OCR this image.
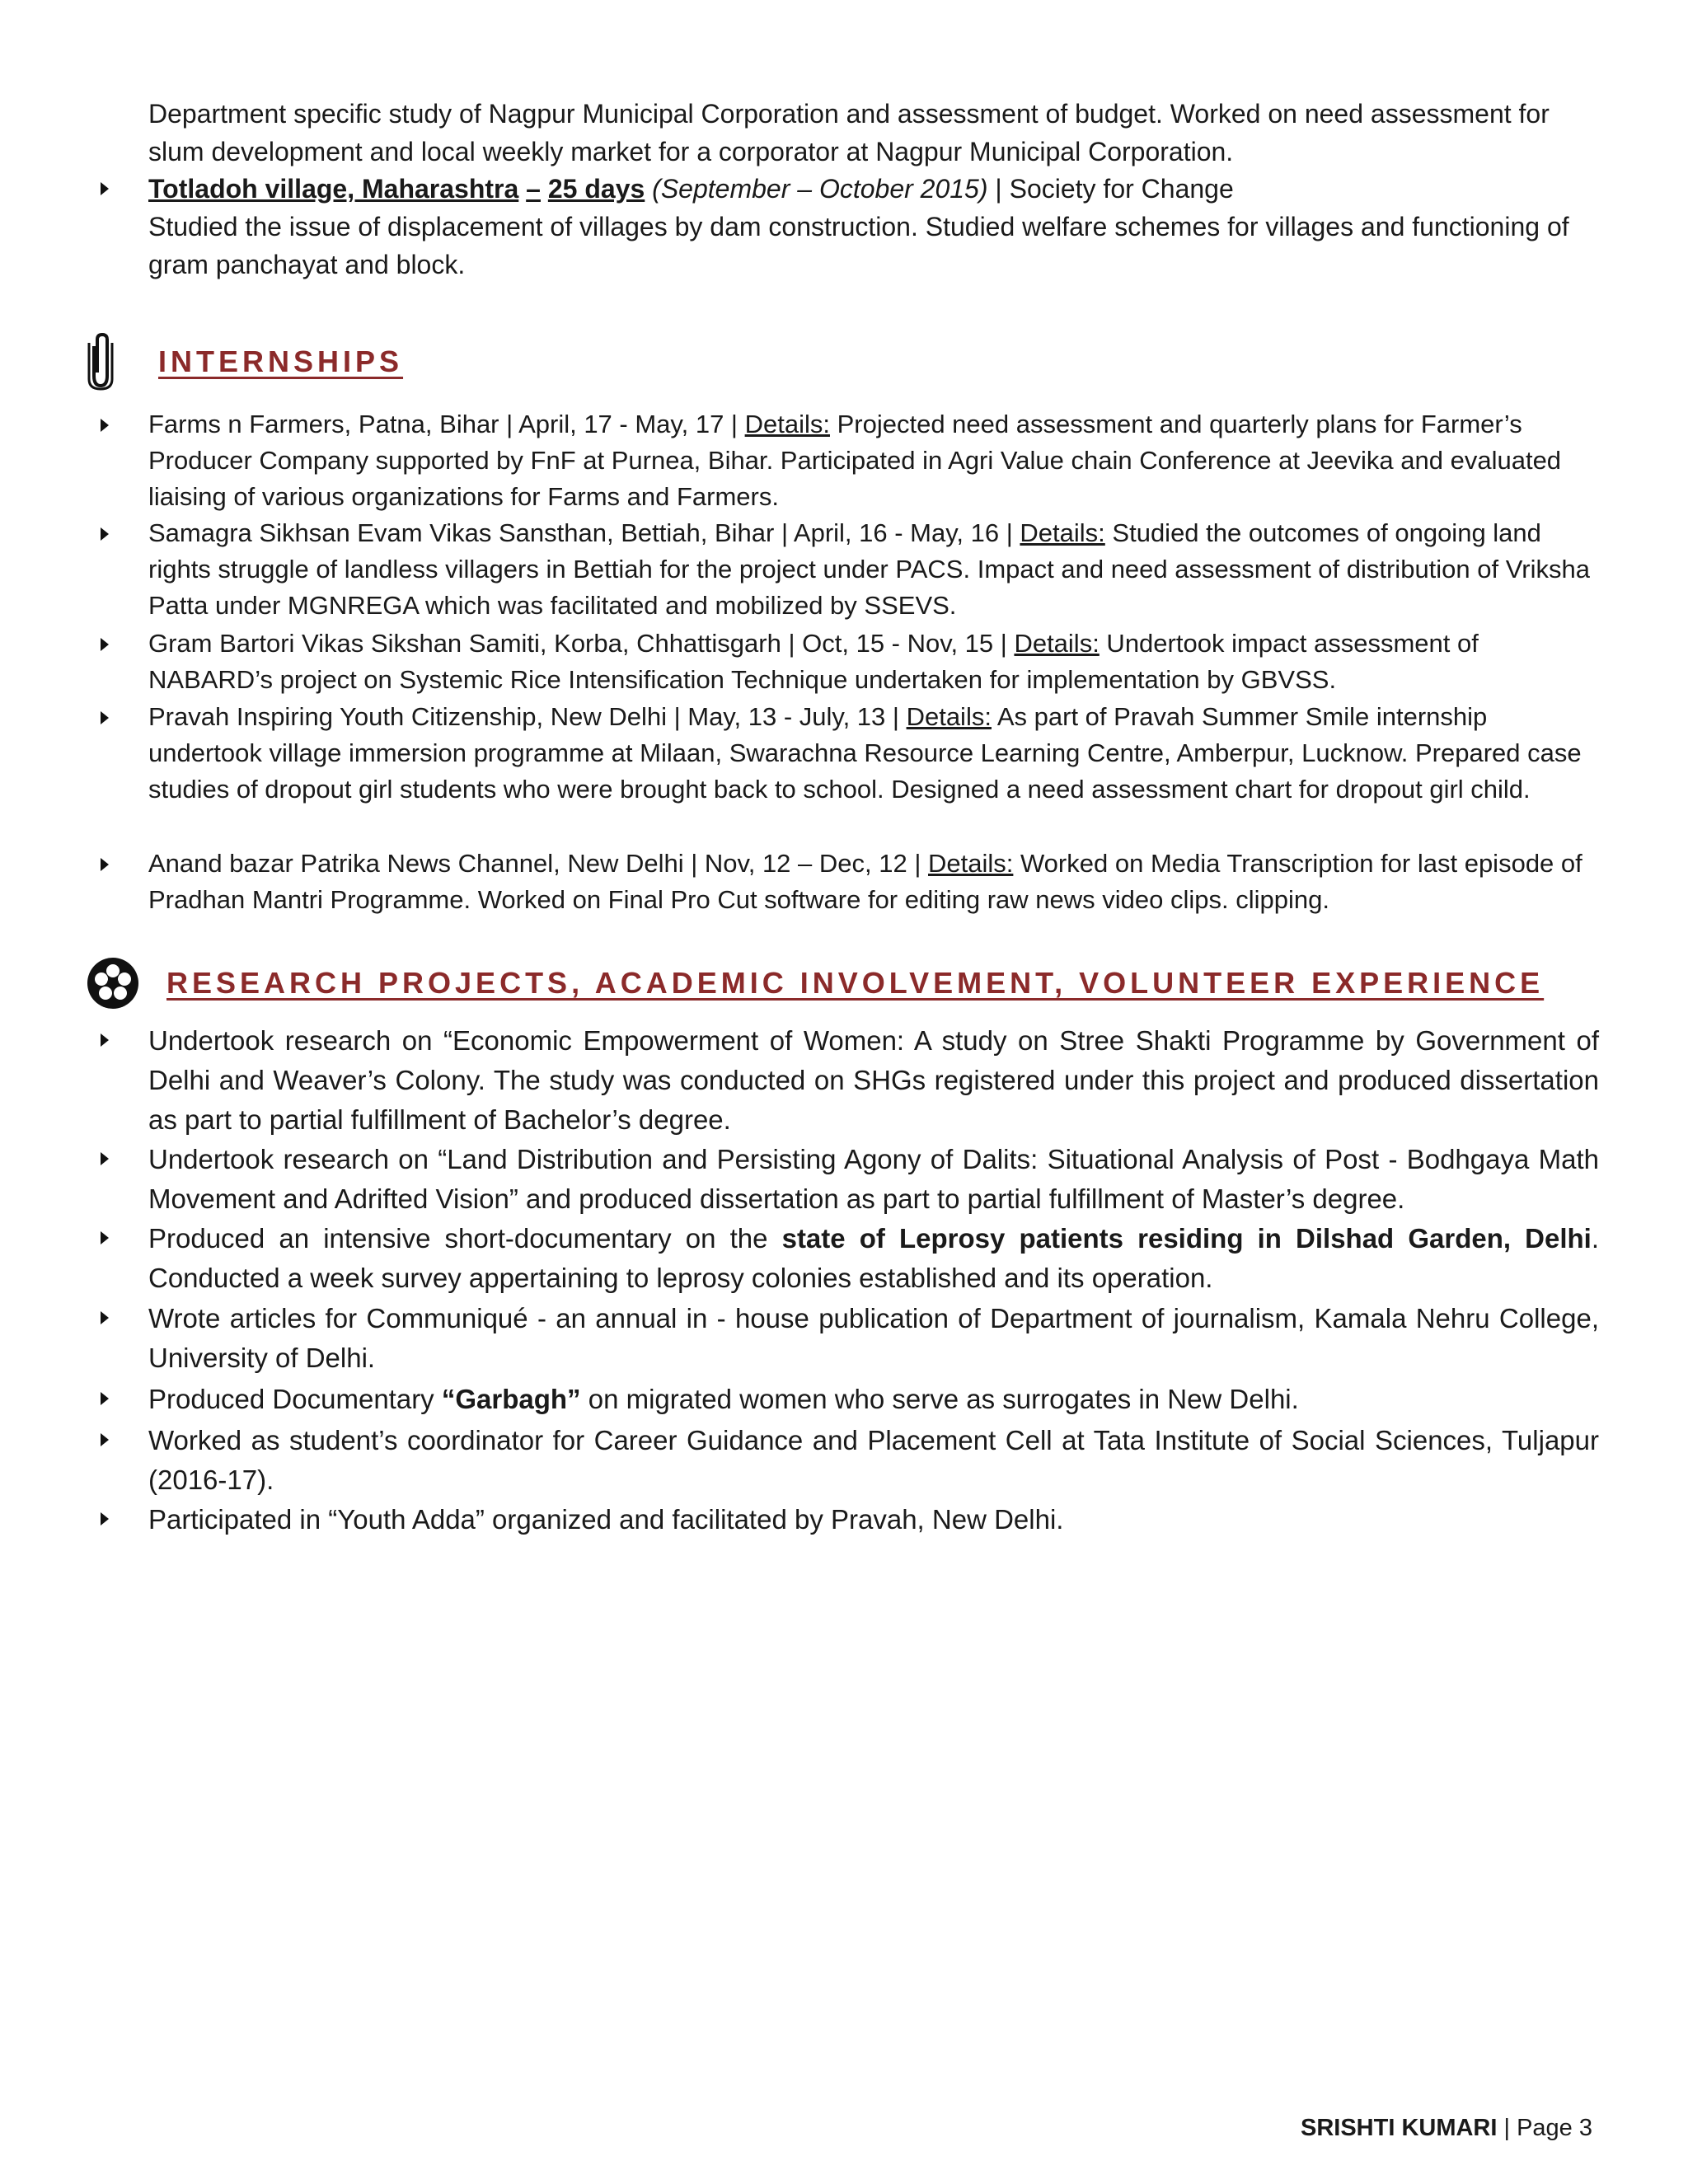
Department specific study of Nagpur Municipal Corporation and assessment of budget. Worked on need assessment for slum development and local weekly market for a corporator at Nagpur Municipal Corporation.

Totladoh village, Maharashtra – 25 days (September – October 2015) | Society for Change

Studied the issue of displacement of villages by dam construction. Studied welfare schemes for villages and functioning of gram panchayat and block.

INTERNSHIPS

Farms n Farmers, Patna, Bihar | April, 17 - May, 17 | Details: Projected need assessment and quarterly plans for Farmer’s Producer Company supported by FnF at Purnea, Bihar. Participated in Agri Value chain Conference at Jeevika and evaluated liaising of various organizations for Farms and Farmers.

Samagra Sikhsan Evam Vikas Sansthan, Bettiah, Bihar | April, 16 - May, 16 | Details: Studied the outcomes of ongoing land rights struggle of landless villagers in Bettiah for the project under PACS. Impact and need assessment of distribution of Vriksha Patta under MGNREGA which was facilitated and mobilized by SSEVS.

Gram Bartori Vikas Sikshan Samiti, Korba, Chhattisgarh | Oct, 15 - Nov, 15 | Details: Undertook impact assessment of NABARD’s project on Systemic Rice Intensification Technique undertaken for implementation by GBVSS.

Pravah Inspiring Youth Citizenship, New Delhi | May, 13 - July, 13 | Details: As part of Pravah Summer Smile internship undertook village immersion programme at Milaan, Swarachna Resource Learning Centre, Amberpur, Lucknow. Prepared case studies of dropout girl students who were brought back to school. Designed a need assessment chart for dropout girl child.

Anand bazar Patrika News Channel, New Delhi | Nov, 12 – Dec, 12 | Details: Worked on Media Transcription for last episode of Pradhan Mantri Programme. Worked on Final Pro Cut software for editing raw news video clips. clipping.

RESEARCH PROJECTS, ACADEMIC INVOLVEMENT, VOLUNTEER EXPERIENCE

Undertook research on “Economic Empowerment of Women: A study on Stree Shakti Programme by Government of Delhi and Weaver’s Colony. The study was conducted on SHGs registered under this project and produced dissertation as part to partial fulfillment of Bachelor’s degree.

Undertook research on “Land Distribution and Persisting Agony of Dalits: Situational Analysis of Post - Bodhgaya Math Movement and Adrifted Vision” and produced dissertation as part to partial fulfillment of Master’s degree.

Produced an intensive short-documentary on the state of Leprosy patients residing in Dilshad Garden, Delhi. Conducted a week survey appertaining to leprosy colonies established and its operation.

Wrote articles for Communiqué - an annual in - house publication of Department of journalism, Kamala Nehru College, University of Delhi.

Produced Documentary “Garbagh” on migrated women who serve as surrogates in New Delhi.

Worked as student’s coordinator for Career Guidance and Placement Cell at Tata Institute of Social Sciences, Tuljapur (2016-17).

Participated in “Youth Adda” organized and facilitated by Pravah, New Delhi.

SRISHTI KUMARI | Page 3
